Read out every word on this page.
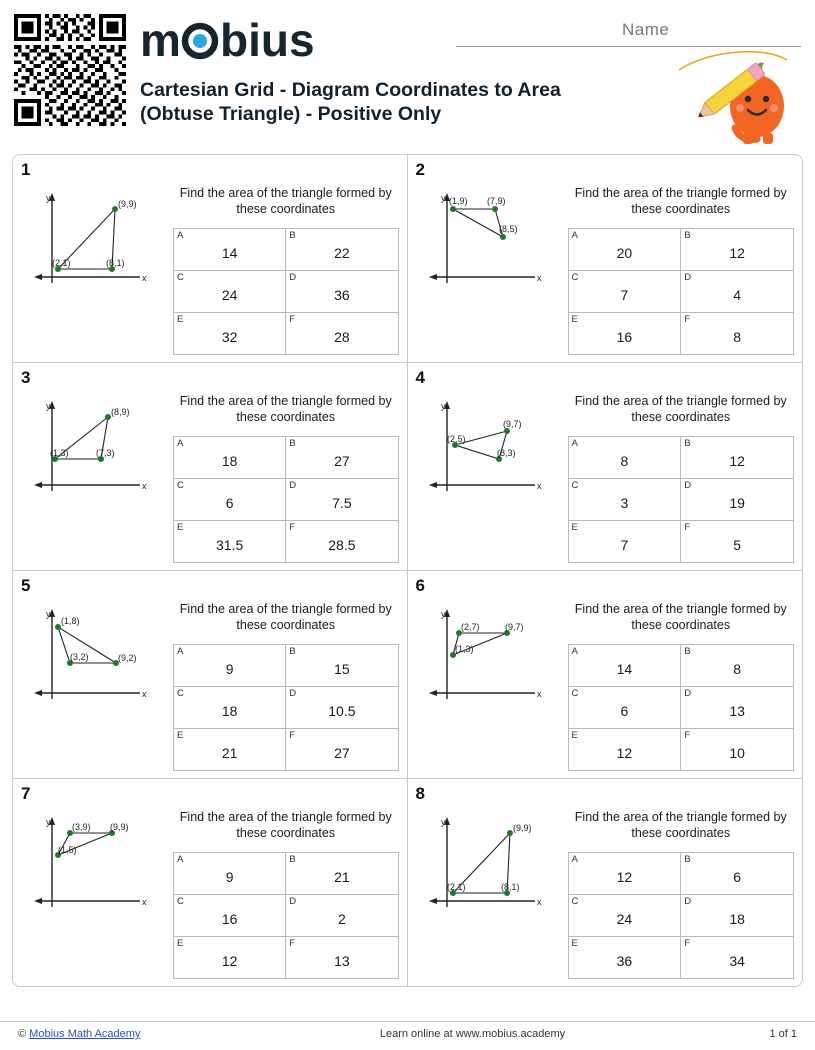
m bius
Cartesian Grid - Diagram Coordinates to Area (Obtuse Triangle) - Positive Only
Name
1
y
x
(9,9)
(2,1)	(8,1)
Find the area of the triangle formed by these coordinates
A
14	B
22

C
24	D
36

E
32	F
28
2
y
x
(1,9) (7,9)
(8,5)
Find the area of the triangle formed by these coordinates
A
20	B
12

C
7	D
4

E
16	F
8
3
y
x
(8,9)
(1,3)	(7,3)
Find the area of the triangle formed by these coordinates
A
18	B
27

C
6	D
7.5

E
31.5	F
28.5
4
y
x
(9,7)
(2,5)
(8,3)
Find the area of the triangle formed by these coordinates
A
8	B
12

C
3	D
19

E
7	F
5
5
y
x
(1,8)
(3,2)	(9,2)
Find the area of the triangle formed by these coordinates
A
9	B
15

C
18	D
10.5

E
21	F
27
6
y
x
(2,7)	(9,7)
(1,3)
Find the area of the triangle formed by these coordinates
A
14	B
8

C
6	D
13

E
12	F
10
7
y
x
(3,9) (9,9)
(1,5)
Find the area of the triangle formed by these coordinates
A
9	B
21

C
16	D
2

E
12	F
13
8
y
x
(9,9)
(2,1)	(8,1)
Find the area of the triangle formed by these coordinates
A
12	B
6

C
24	D
18

E
36	F
34
© Mobius Math Academy	Learn online at www.mobius.academy	1 of 1
